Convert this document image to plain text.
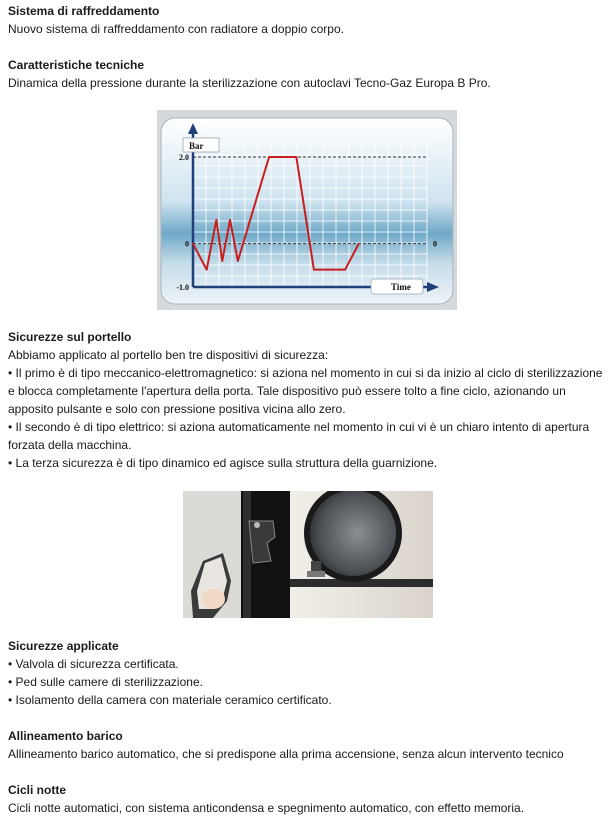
Sistema di raffreddamento
Nuovo sistema di raffreddamento con radiatore a doppio corpo.
Caratteristiche tecniche
Dinamica della pressione durante la sterilizzazione con autoclavi Tecno-Gaz Europa B Pro.
Bar
Time
2.0
0
-1.0
0
Sicurezze sul portello
Abbiamo applicato al portello ben tre dispositivi di sicurezza:
• Il primo è di tipo meccanico-elettromagnetico: si aziona nel momento in cui si da inizio al ciclo di sterilizzazione e blocca completamente l'apertura della porta. Tale dispositivo può essere tolto a fine ciclo, azionando un apposito pulsante e solo con pressione positiva vicina allo zero.
• Il secondo è di tipo elettrico: si aziona automaticamente nel momento in cui vi è un chiaro intento di apertura forzata della macchina.
• La terza sicurezza è di tipo dinamico ed agisce sulla struttura della guarnizione.
Sicurezze applicate
• Valvola di sicurezza certificata.
• Ped sulle camere di sterilizzazione.
• Isolamento della camera con materiale ceramico certificato.
Allineamento barico
Allineamento barico automatico, che si predispone alla prima accensione, senza alcun intervento tecnico
Cicli notte
Cicli notte automatici, con sistema anticondensa e spegnimento automatico, con effetto memoria.
